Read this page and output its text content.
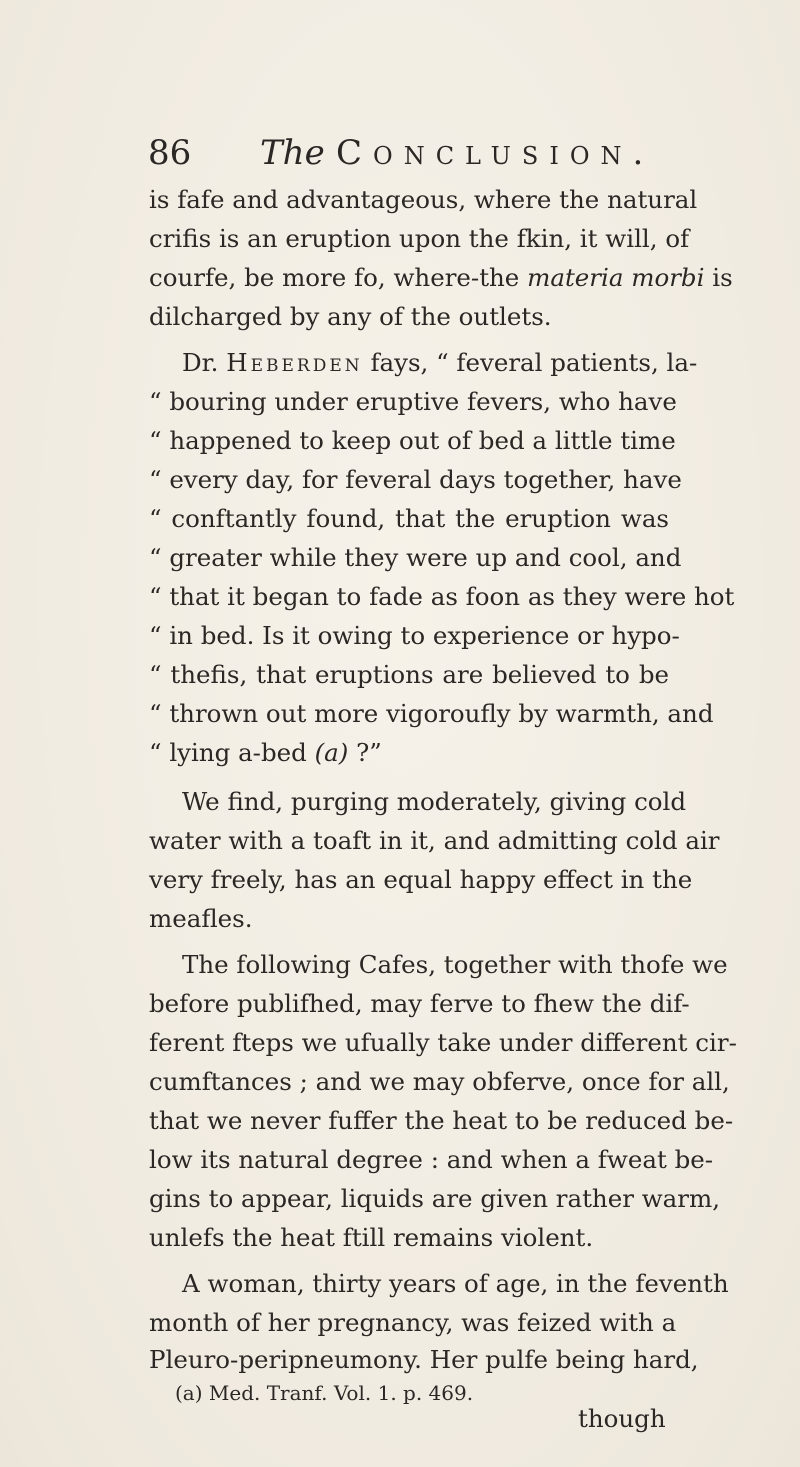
86 The Conclusion.
is fafe and advantageous, where the natural
crifis is an eruption upon the fkin, it will, of
courfe, be more fo, where-the materia morbi is
dilcharged by any of the outlets.
Dr. Heberden fays, “ feveral patients, la-
“ bouring under eruptive fevers, who have
“ happened to keep out of bed a little time
“ every day, for feveral days together, have
“ conftantly found, that the eruption was
“ greater while they were up and cool, and
“ that it began to fade as foon as they were hot
“ in bed. Is it owing to experience or hypo-
“ thefis, that eruptions are believed to be
“ thrown out more vigoroufly by warmth, and
“ lying a-bed (a) ?”
We find, purging moderately, giving cold
water with a toaft in it, and admitting cold air
very freely, has an equal happy effect in the
meafles.
The following Cafes, together with thofe we
before publifhed, may ferve to fhew the dif-
ferent fteps we ufually take under different cir-
cumftances ; and we may obferve, once for all,
that we never fuffer the heat to be reduced be-
low its natural degree : and when a fweat be-
gins to appear, liquids are given rather warm,
unlefs the heat ftill remains violent.
A woman, thirty years of age, in the feventh
month of her pregnancy, was feized with a
Pleuro-peripneumony. Her pulfe being hard,
(a) Med. Tranf. Vol. 1. p. 469.
though
